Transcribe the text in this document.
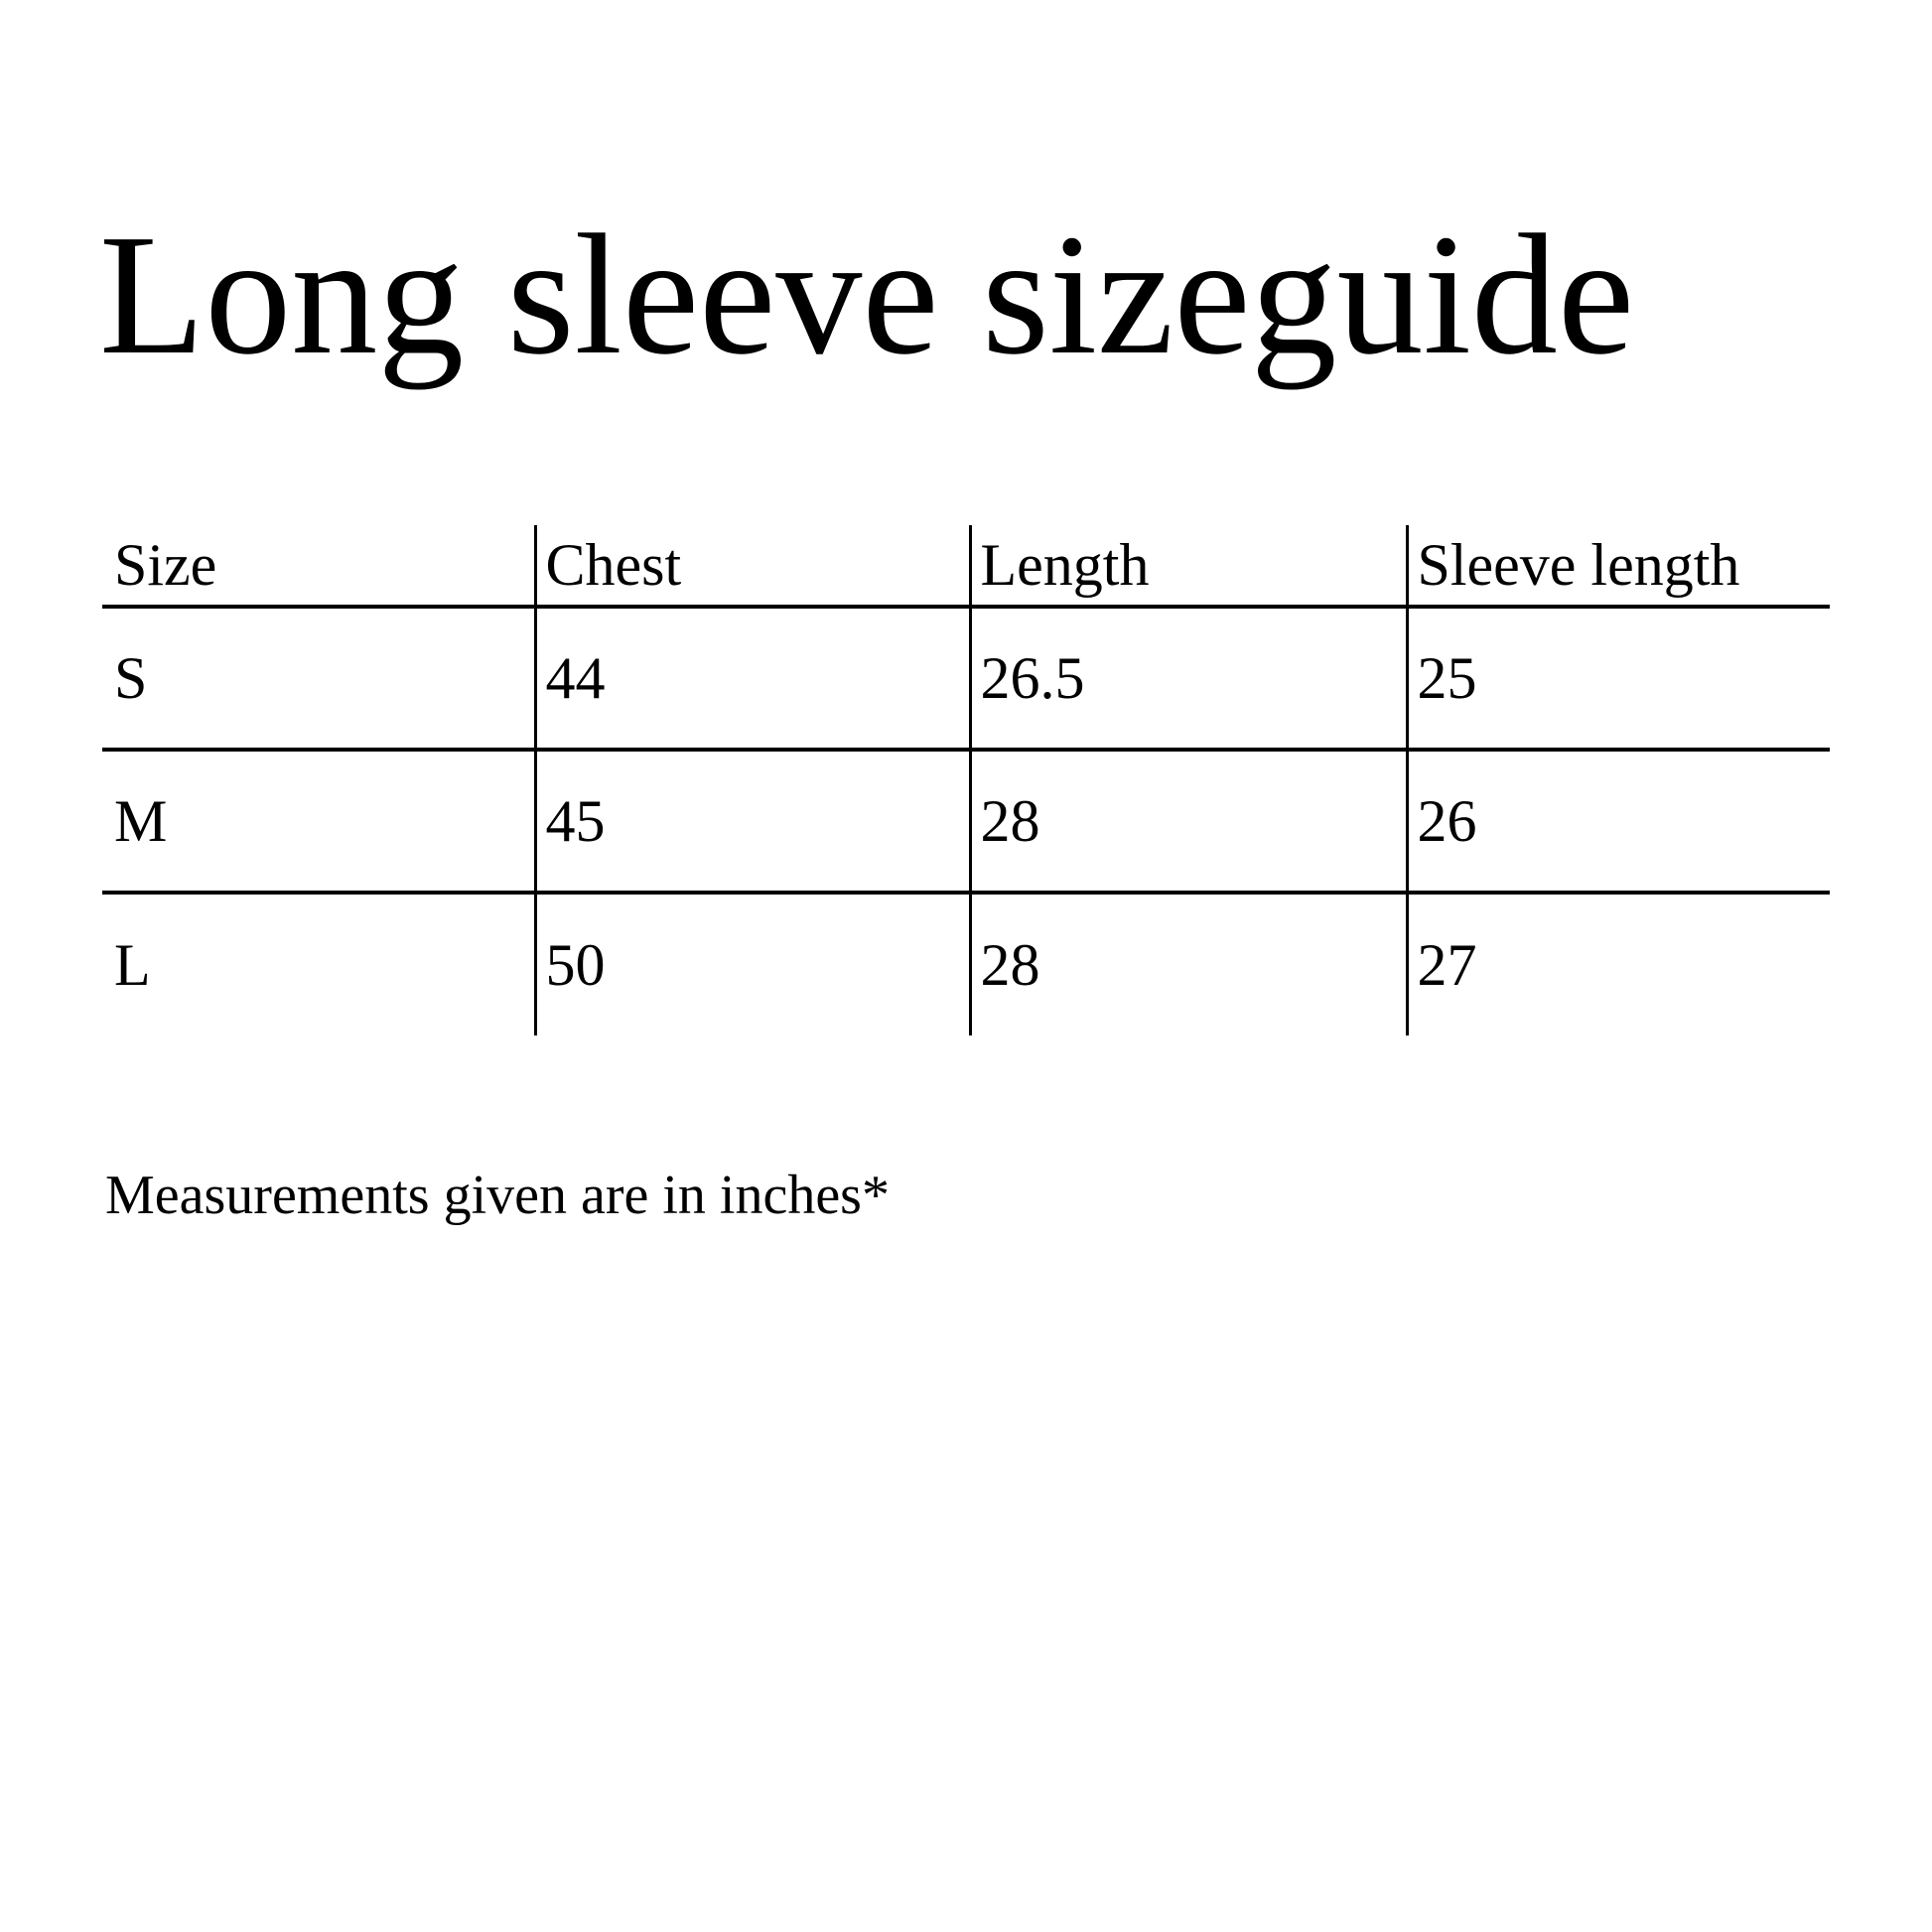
Long sleeve sizeguide
Size	Chest	Length	Sleeve length
S	44	26.5	25
M	45	28	26
L	50	28	27

Measurements given are in inches*
